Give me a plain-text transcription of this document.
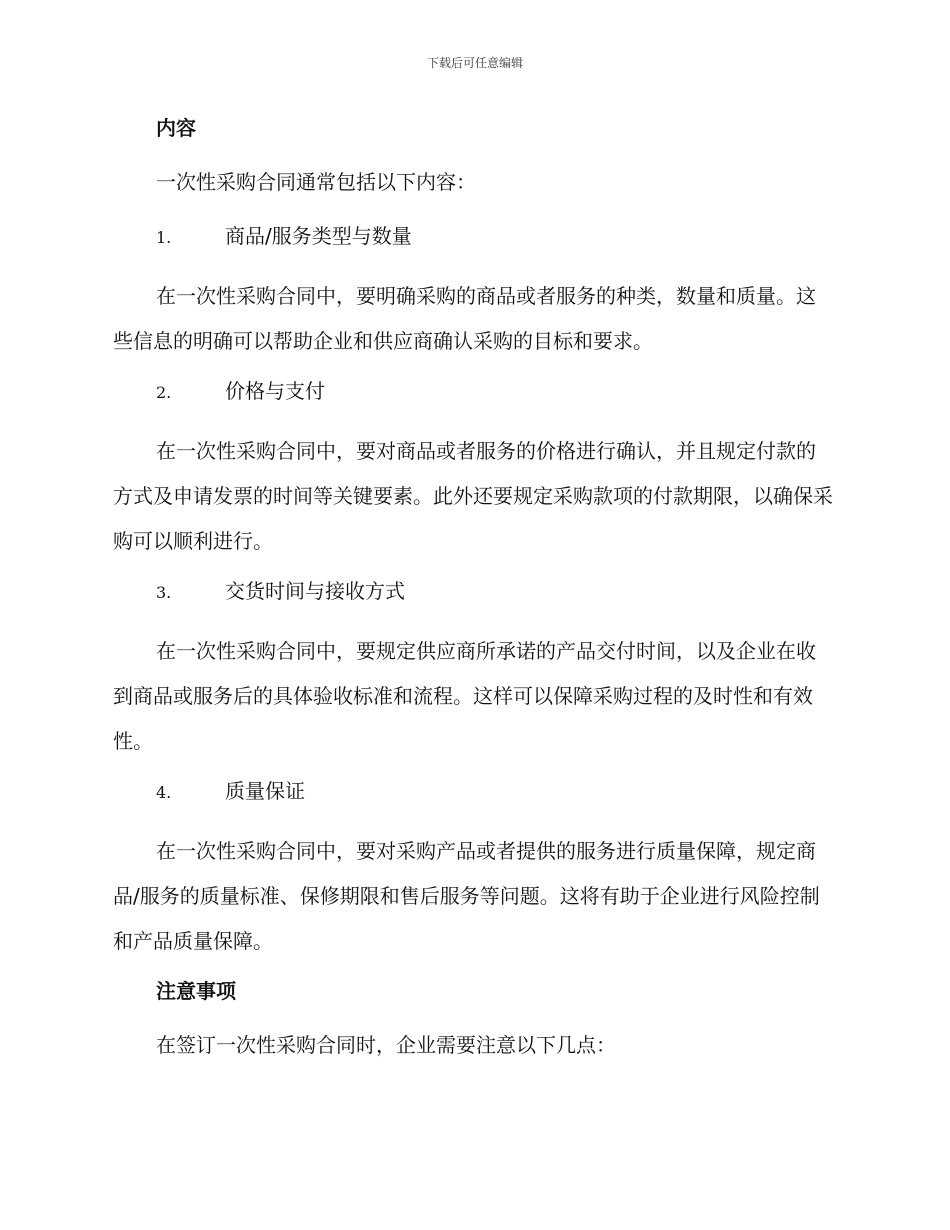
下载后可任意编辑
内容
一次性采购合同通常包括以下内容：
1.	商品/服务类型与数量
在一次性采购合同中，要明确采购的商品或者服务的种类，数量和质量。这些信息的明确可以帮助企业和供应商确认采购的目标和要求。
2.	价格与支付
在一次性采购合同中，要对商品或者服务的价格进行确认，并且规定付款的方式及申请发票的时间等关键要素。此外还要规定采购款项的付款期限，以确保采购可以顺利进行。
3.	交货时间与接收方式
在一次性采购合同中，要规定供应商所承诺的产品交付时间，以及企业在收到商品或服务后的具体验收标准和流程。这样可以保障采购过程的及时性和有效性。
4.	质量保证
在一次性采购合同中，要对采购产品或者提供的服务进行质量保障，规定商品/服务的质量标准、保修期限和售后服务等问题。这将有助于企业进行风险控制和产品质量保障。
注意事项
在签订一次性采购合同时，企业需要注意以下几点：
